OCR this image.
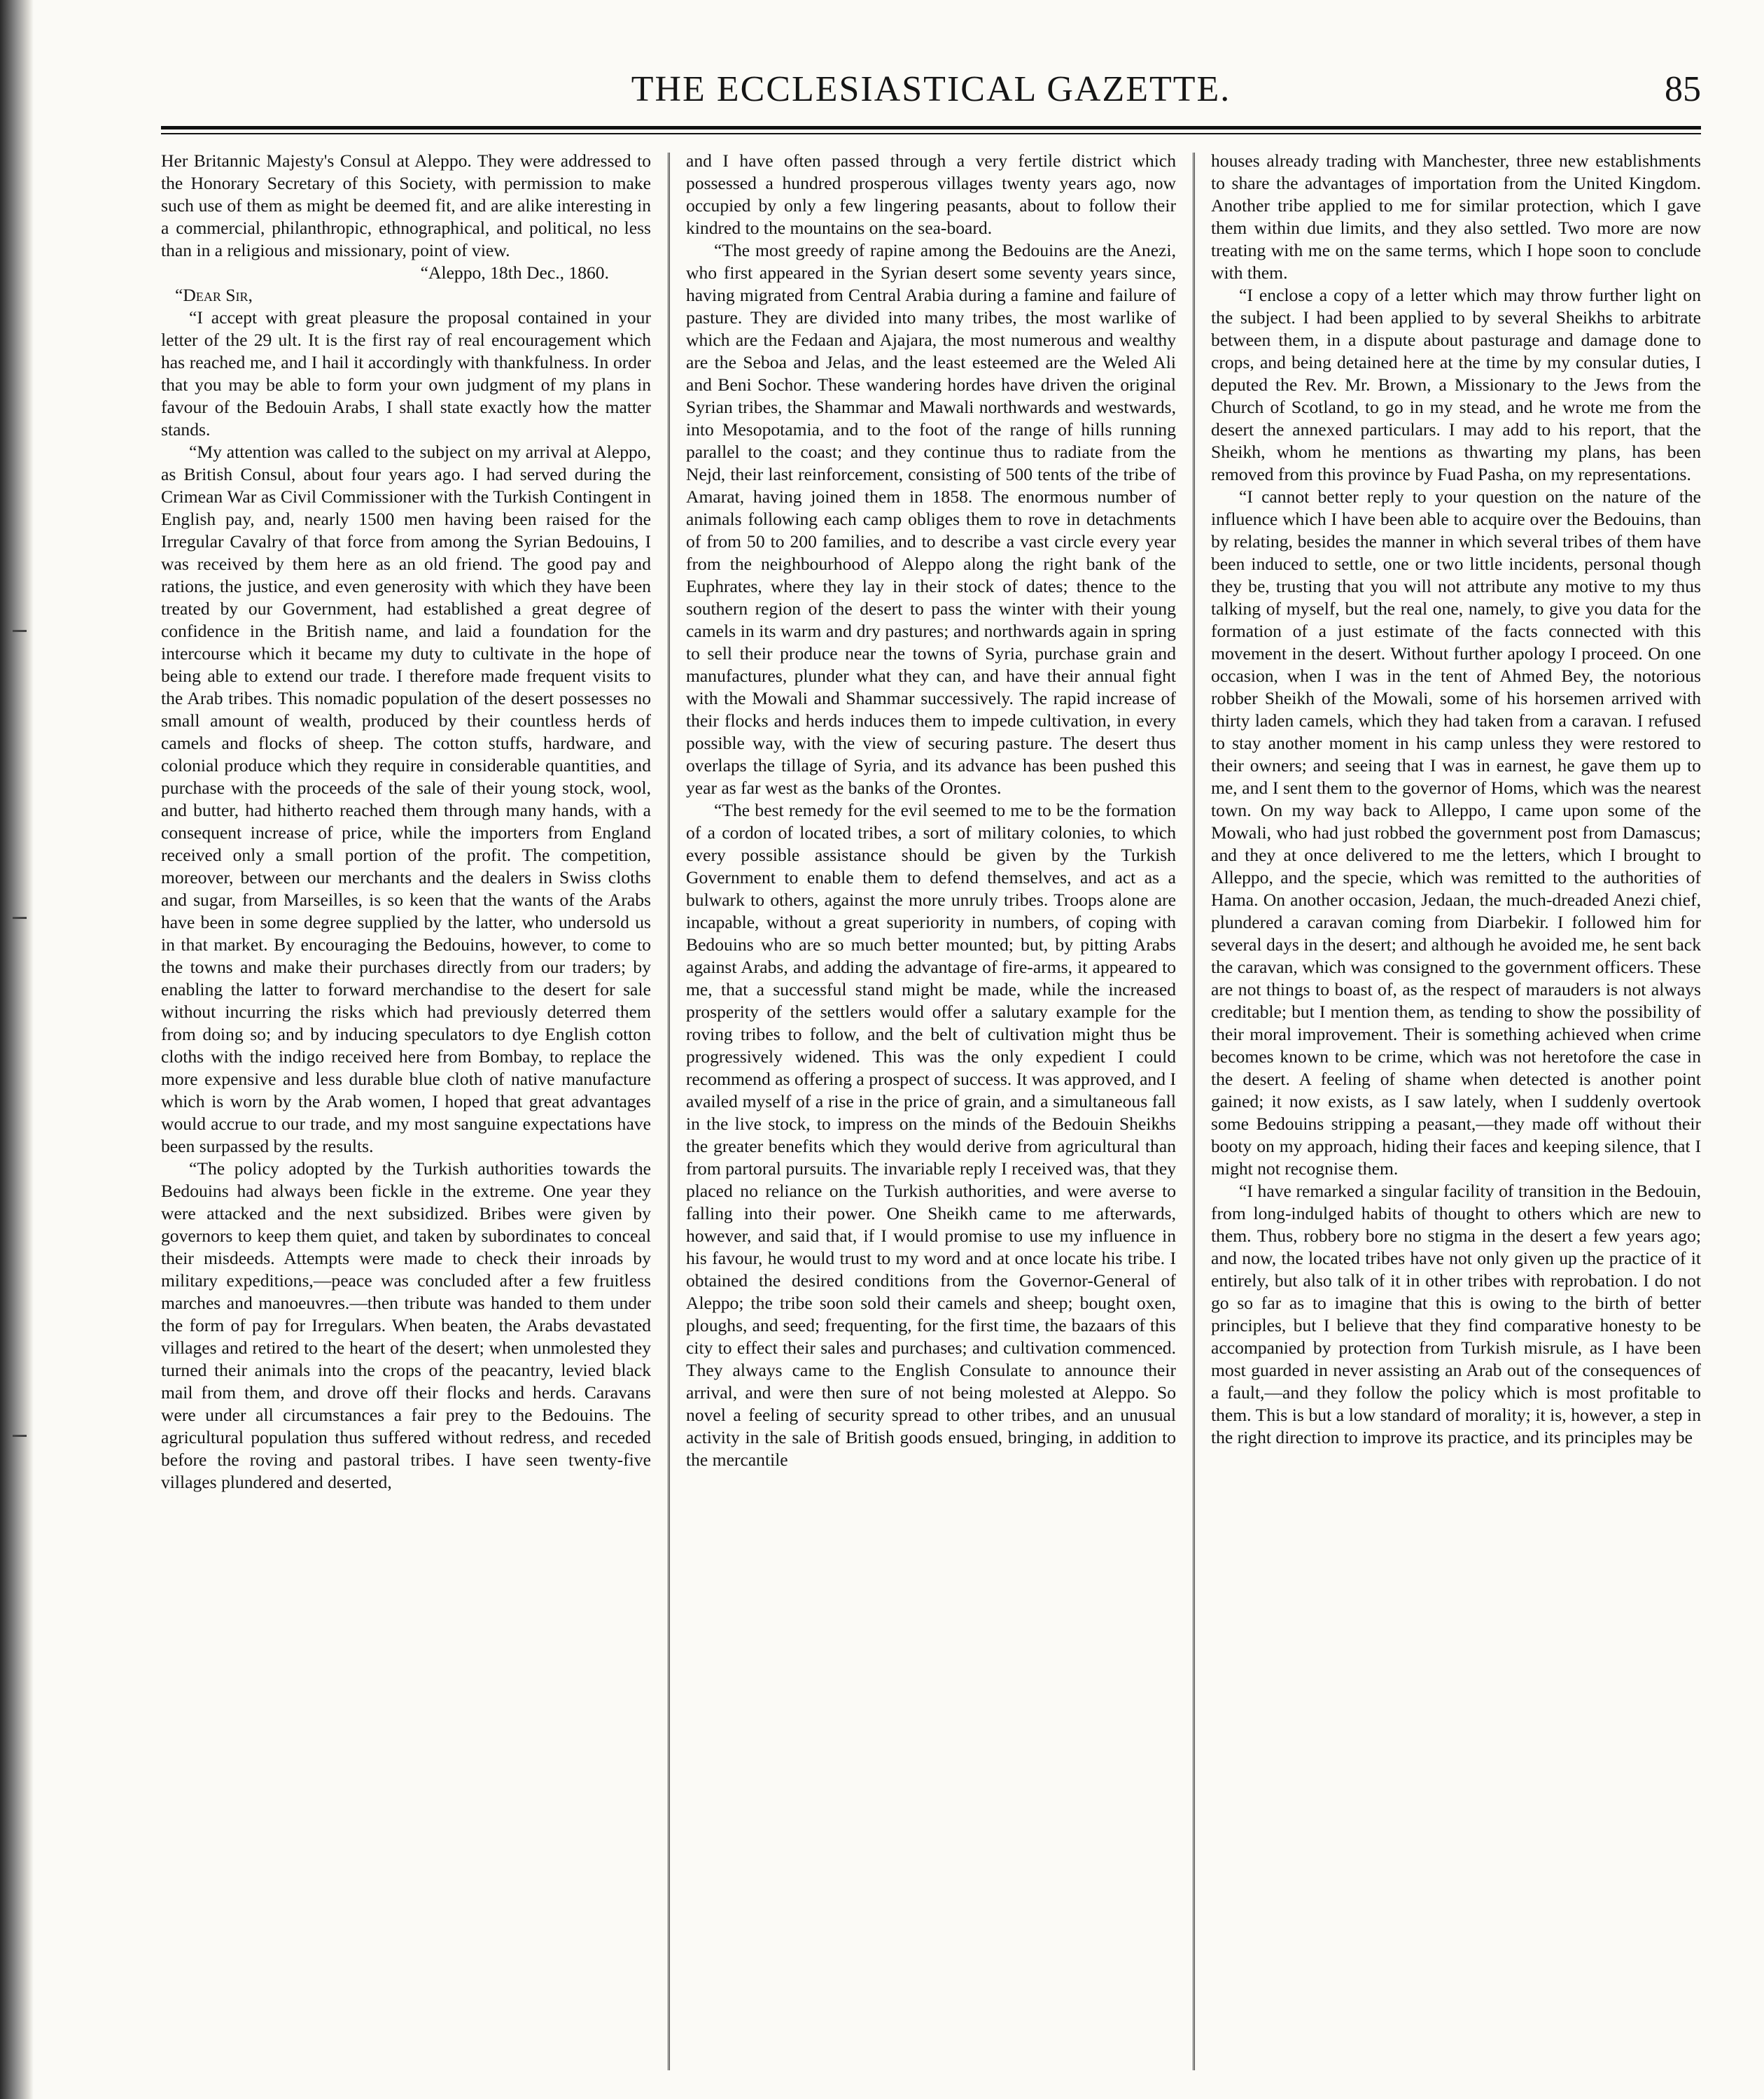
THE ECCLESIASTICAL GAZETTE.	85

Her Britannic Majesty's Consul at Aleppo. They were addressed to the Honorary Secretary of this Society, with permission to make such use of them as might be deemed fit, and are alike interesting in a commercial, philanthropic, ethnographical, and political, no less than in a religious and missionary, point of view.

“Aleppo, 18th Dec., 1860.

“Dear Sir,

“I accept with great pleasure the proposal contained in your letter of the 29 ult. It is the first ray of real encouragement which has reached me, and I hail it accordingly with thankfulness. In order that you may be able to form your own judgment of my plans in favour of the Bedouin Arabs, I shall state exactly how the matter stands.

“My attention was called to the subject on my arrival at Aleppo, as British Consul, about four years ago. I had served during the Crimean War as Civil Commissioner with the Turkish Contingent in English pay, and, nearly 1500 men having been raised for the Irregular Cavalry of that force from among the Syrian Bedouins, I was received by them here as an old friend. The good pay and rations, the justice, and even generosity with which they have been treated by our Government, had established a great degree of confidence in the British name, and laid a foundation for the intercourse which it became my duty to cultivate in the hope of being able to extend our trade. I therefore made frequent visits to the Arab tribes. This nomadic population of the desert possesses no small amount of wealth, produced by their countless herds of camels and flocks of sheep. The cotton stuffs, hardware, and colonial produce which they require in considerable quantities, and purchase with the proceeds of the sale of their young stock, wool, and butter, had hitherto reached them through many hands, with a consequent increase of price, while the importers from England received only a small portion of the profit. The competition, moreover, between our merchants and the dealers in Swiss cloths and sugar, from Marseilles, is so keen that the wants of the Arabs have been in some degree supplied by the latter, who undersold us in that market. By encouraging the Bedouins, however, to come to the towns and make their purchases directly from our traders; by enabling the latter to forward merchandise to the desert for sale without incurring the risks which had previously deterred them from doing so; and by inducing speculators to dye English cotton cloths with the indigo received here from Bombay, to replace the more expensive and less durable blue cloth of native manufacture which is worn by the Arab women, I hoped that great advantages would accrue to our trade, and my most sanguine expectations have been surpassed by the results.

“The policy adopted by the Turkish authorities towards the Bedouins had always been fickle in the extreme. One year they were attacked and the next subsidized. Bribes were given by governors to keep them quiet, and taken by subordinates to conceal their misdeeds. Attempts were made to check their inroads by military expeditions,—peace was concluded after a few fruitless marches and manoeuvres.—then tribute was handed to them under the form of pay for Irregulars. When beaten, the Arabs devastated villages and retired to the heart of the desert; when unmolested they turned their animals into the crops of the peacantry, levied black mail from them, and drove off their flocks and herds. Caravans were under all circumstances a fair prey to the Bedouins. The agricultural population thus suffered without redress, and receded before the roving and pastoral tribes. I have seen twenty-five villages plundered and deserted,

and I have often passed through a very fertile district which possessed a hundred prosperous villages twenty years ago, now occupied by only a few lingering peasants, about to follow their kindred to the mountains on the sea-board.

“The most greedy of rapine among the Bedouins are the Anezi, who first appeared in the Syrian desert some seventy years since, having migrated from Central Arabia during a famine and failure of pasture. They are divided into many tribes, the most warlike of which are the Fedaan and Ajajara, the most numerous and wealthy are the Seboa and Jelas, and the least esteemed are the Weled Ali and Beni Sochor. These wandering hordes have driven the original Syrian tribes, the Shammar and Mawali northwards and westwards, into Mesopotamia, and to the foot of the range of hills running parallel to the coast; and they continue thus to radiate from the Nejd, their last reinforcement, consisting of 500 tents of the tribe of Amarat, having joined them in 1858. The enormous number of animals following each camp obliges them to rove in detachments of from 50 to 200 families, and to describe a vast circle every year from the neighbourhood of Aleppo along the right bank of the Euphrates, where they lay in their stock of dates; thence to the southern region of the desert to pass the winter with their young camels in its warm and dry pastures; and northwards again in spring to sell their produce near the towns of Syria, purchase grain and manufactures, plunder what they can, and have their annual fight with the Mowali and Shammar successively. The rapid increase of their flocks and herds induces them to impede cultivation, in every possible way, with the view of securing pasture. The desert thus overlaps the tillage of Syria, and its advance has been pushed this year as far west as the banks of the Orontes.

“The best remedy for the evil seemed to me to be the formation of a cordon of located tribes, a sort of military colonies, to which every possible assistance should be given by the Turkish Government to enable them to defend themselves, and act as a bulwark to others, against the more unruly tribes. Troops alone are incapable, without a great superiority in numbers, of coping with Bedouins who are so much better mounted; but, by pitting Arabs against Arabs, and adding the advantage of fire-arms, it appeared to me, that a successful stand might be made, while the increased prosperity of the settlers would offer a salutary example for the roving tribes to follow, and the belt of cultivation might thus be progressively widened. This was the only expedient I could recommend as offering a prospect of success. It was approved, and I availed myself of a rise in the price of grain, and a simultaneous fall in the live stock, to impress on the minds of the Bedouin Sheikhs the greater benefits which they would derive from agricultural than from partoral pursuits. The invariable reply I received was, that they placed no reliance on the Turkish authorities, and were averse to falling into their power. One Sheikh came to me afterwards, however, and said that, if I would promise to use my influence in his favour, he would trust to my word and at once locate his tribe. I obtained the desired conditions from the Governor-General of Aleppo; the tribe soon sold their camels and sheep; bought oxen, ploughs, and seed; frequenting, for the first time, the bazaars of this city to effect their sales and purchases; and cultivation commenced. They always came to the English Consulate to announce their arrival, and were then sure of not being molested at Aleppo. So novel a feeling of security spread to other tribes, and an unusual activity in the sale of British goods ensued, bringing, in addition to the mercantile

houses already trading with Manchester, three new establishments to share the advantages of importation from the United Kingdom. Another tribe applied to me for similar protection, which I gave them within due limits, and they also settled. Two more are now treating with me on the same terms, which I hope soon to conclude with them.

“I enclose a copy of a letter which may throw further light on the subject. I had been applied to by several Sheikhs to arbitrate between them, in a dispute about pasturage and damage done to crops, and being detained here at the time by my consular duties, I deputed the Rev. Mr. Brown, a Missionary to the Jews from the Church of Scotland, to go in my stead, and he wrote me from the desert the annexed particulars. I may add to his report, that the Sheikh, whom he mentions as thwarting my plans, has been removed from this province by Fuad Pasha, on my representations.

“I cannot better reply to your question on the nature of the influence which I have been able to acquire over the Bedouins, than by relating, besides the manner in which several tribes of them have been induced to settle, one or two little incidents, personal though they be, trusting that you will not attribute any motive to my thus talking of myself, but the real one, namely, to give you data for the formation of a just estimate of the facts connected with this movement in the desert. Without further apology I proceed. On one occasion, when I was in the tent of Ahmed Bey, the notorious robber Sheikh of the Mowali, some of his horsemen arrived with thirty laden camels, which they had taken from a caravan. I refused to stay another moment in his camp unless they were restored to their owners; and seeing that I was in earnest, he gave them up to me, and I sent them to the governor of Homs, which was the nearest town. On my way back to Alleppo, I came upon some of the Mowali, who had just robbed the government post from Damascus; and they at once delivered to me the letters, which I brought to Alleppo, and the specie, which was remitted to the authorities of Hama. On another occasion, Jedaan, the much-dreaded Anezi chief, plundered a caravan coming from Diarbekir. I followed him for several days in the desert; and although he avoided me, he sent back the caravan, which was consigned to the government officers. These are not things to boast of, as the respect of marauders is not always creditable; but I mention them, as tending to show the possibility of their moral improvement. Their is something achieved when crime becomes known to be crime, which was not heretofore the case in the desert. A feeling of shame when detected is another point gained; it now exists, as I saw lately, when I suddenly overtook some Bedouins stripping a peasant,—they made off without their booty on my approach, hiding their faces and keeping silence, that I might not recognise them.

“I have remarked a singular facility of transition in the Bedouin, from long-indulged habits of thought to others which are new to them. Thus, robbery bore no stigma in the desert a few years ago; and now, the located tribes have not only given up the practice of it entirely, but also talk of it in other tribes with reprobation. I do not go so far as to imagine that this is owing to the birth of better principles, but I believe that they find comparative honesty to be accompanied by protection from Turkish misrule, as I have been most guarded in never assisting an Arab out of the consequences of a fault,—and they follow the policy which is most profitable to them. This is but a low standard of morality; it is, however, a step in the right direction to improve its practice, and its principles may be
